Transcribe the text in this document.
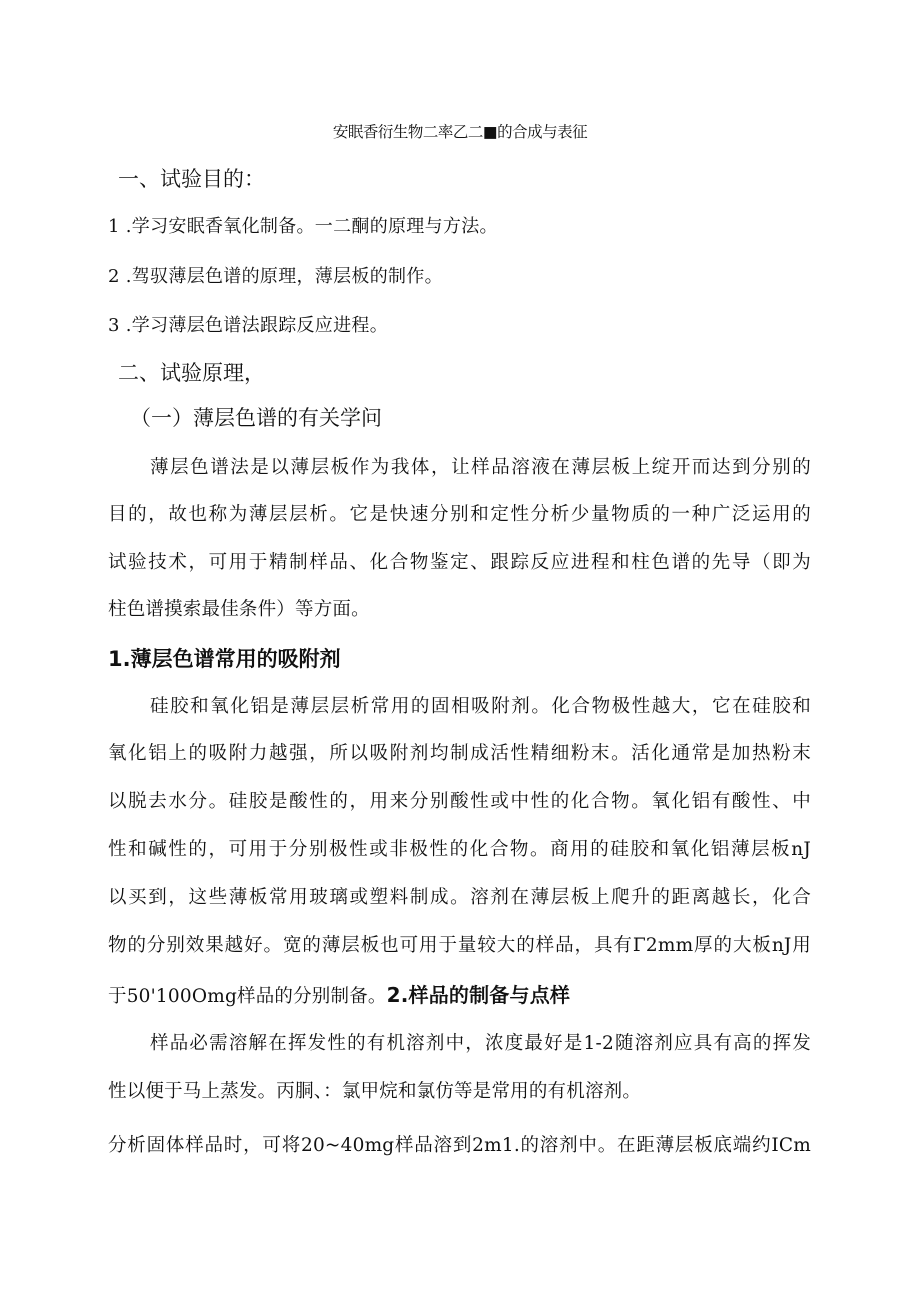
安眠香衍生物二率乙二■的合成与表征
一、试验目的：
1 .学习安眠香氧化制备。一二酮的原理与方法。
2 .驾驭薄层色谱的原理，薄层板的制作。
3 .学习薄层色谱法跟踪反应进程。
二、试验原理，
（一）薄层色谱的有关学问
薄层色谱法是以薄层板作为我体，让样品溶液在薄层板上绽开而达到分别的
目的，故也称为薄层层析。它是快速分别和定性分析少量物质的一种广泛运用的
试验技术，可用于精制样品、化合物鉴定、跟踪反应进程和柱色谱的先导（即为
柱色谱摸索最佳条件）等方面。
1.薄层色谱常用的吸附剂
硅胶和氧化铝是薄层层析常用的固相吸附剂。化合物极性越大，它在硅胶和
氧化铝上的吸附力越强，所以吸附剂均制成活性精细粉末。活化通常是加热粉末
以脱去水分。硅胶是酸性的，用来分别酸性或中性的化合物。氧化铝有酸性、中
性和碱性的，可用于分别极性或非极性的化合物。商用的硅胶和氧化铝薄层板nJ
以买到，这些薄板常用玻璃或塑料制成。溶剂在薄层板上爬升的距离越长，化合
物的分别效果越好。宽的薄层板也可用于量较大的样品，具有Γ2mm厚的大板nJ用
于50'100Omg样品的分别制备。2.样品的制备与点样
样品必需溶解在挥发性的有机溶剂中，浓度最好是1-2随溶剂应具有高的挥发
性以便于马上蒸发。丙胴、：氯甲烷和氯仿等是常用的有机溶剂。
分析固体样品时，可将20~40mg样品溶到2m1.的溶剂中。在距薄层板底端约ICm
